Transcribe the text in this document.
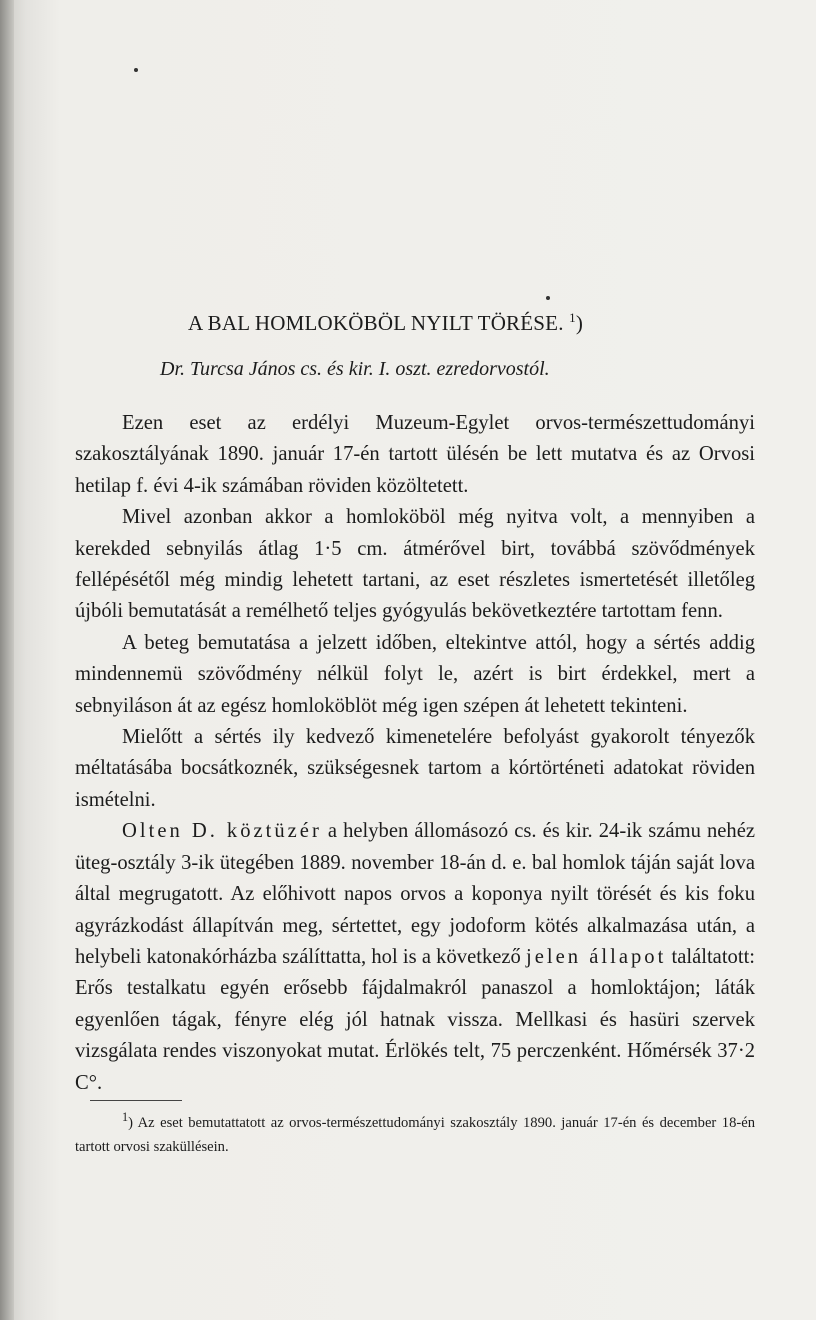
A BAL HOMLOKÖBÖL NYILT TÖRÉSE. $^1$)
Dr. Turcsa János cs. és kir. I. oszt. ezredorvostól.

Ezen eset az erdélyi Muzeum-Egylet orvos-természettudományi szakosztályának 1890. január 17-én tartott ülésén be lett mutatva és az Orvosi hetilap f. évi 4-ik számában röviden közöltetett.

Mivel azonban akkor a homloköböl még nyitva volt, a mennyiben a kerekded sebnyilás átlag 1·5 cm. átmérővel birt, továbbá szövődmények fellépésétől még mindig lehetett tartani, az eset részletes ismertetését illetőleg újbóli bemutatását a remélhető teljes gyógyulás bekövetkeztére tartottam fenn.

A beteg bemutatása a jelzett időben, eltekintve attól, hogy a sértés addig mindennemü szövődmény nélkül folyt le, azért is birt érdekkel, mert a sebnyiláson át az egész homloköblöt még igen szépen át lehetett tekinteni.

Mielőtt a sértés ily kedvező kimenetelére befolyást gyakorolt tényezők méltatásába bocsátkoznék, szükségesnek tartom a kórtörténeti adatokat röviden ismételni.

Olten D. köztüzér a helyben állomásozó cs. és kir. 24-ik számu nehéz üteg-osztály 3-ik ütegében 1889. november 18-án d. e. bal homlok táján saját lova által megrugatott. Az előhivott napos orvos a koponya nyilt törését és kis foku agyrázkodást állapítván meg, sértettet, egy jodoform kötés alkalmazása után, a helybeli katonakórházba szálíttatta, hol is a következő jelen állapot találtatott: Erős testalkatu egyén erősebb fájdalmakról panaszol a homloktájon; láták egyenlően tágak, fényre elég jól hatnak vissza. Mellkasi és hasüri szervek vizsgálata rendes viszonyokat mutat. Érlökés telt, 75 perczenként. Hőmérsék 37·2 C°.

$^1$) Az eset bemutattatott az orvos-természettudományi szakosztály 1890. január 17-én és december 18-én tartott orvosi szaküllésein.
